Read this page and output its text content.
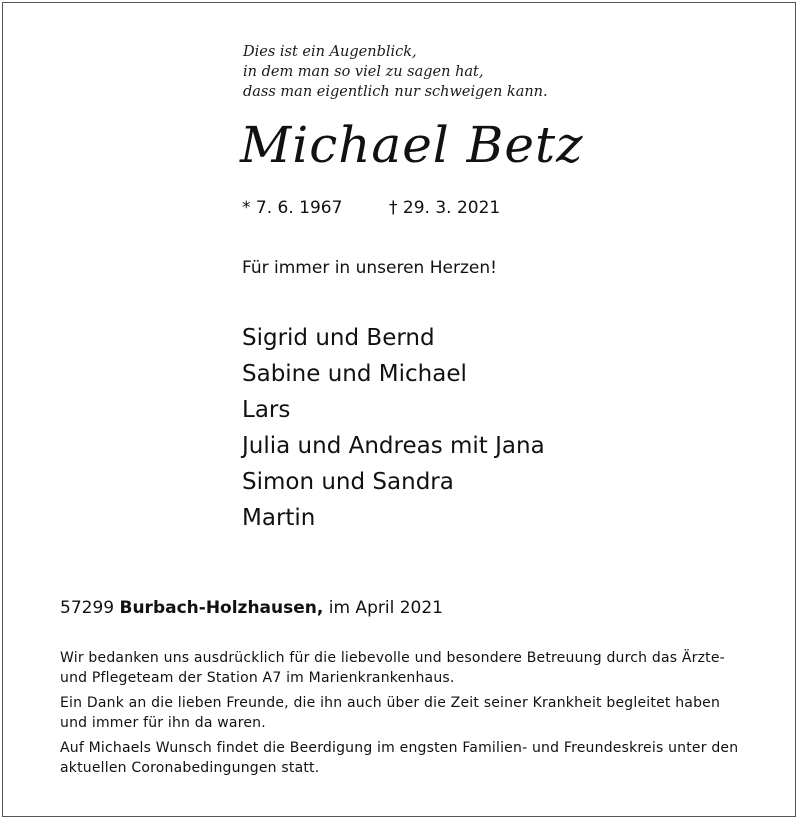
Dies ist ein Augenblick,
in dem man so viel zu sagen hat,
dass man eigentlich nur schweigen kann.
Michael Betz
* 7. 6. 1967	† 29. 3. 2021
Für immer in unseren Herzen!
Sigrid und Bernd
Sabine und Michael
Lars
Julia und Andreas mit Jana
Simon und Sandra
Martin
57299 Burbach-Holzhausen, im April 2021

Wir bedanken uns ausdrücklich für die liebevolle und besondere Betreuung durch das Ärzte- und Pflegeteam der Station A7 im Marienkrankenhaus.

Ein Dank an die lieben Freunde, die ihn auch über die Zeit seiner Krankheit begleitet haben und immer für ihn da waren.

Auf Michaels Wunsch findet die Beerdigung im engsten Familien- und Freundeskreis unter den aktuellen Coronabedingungen statt.
